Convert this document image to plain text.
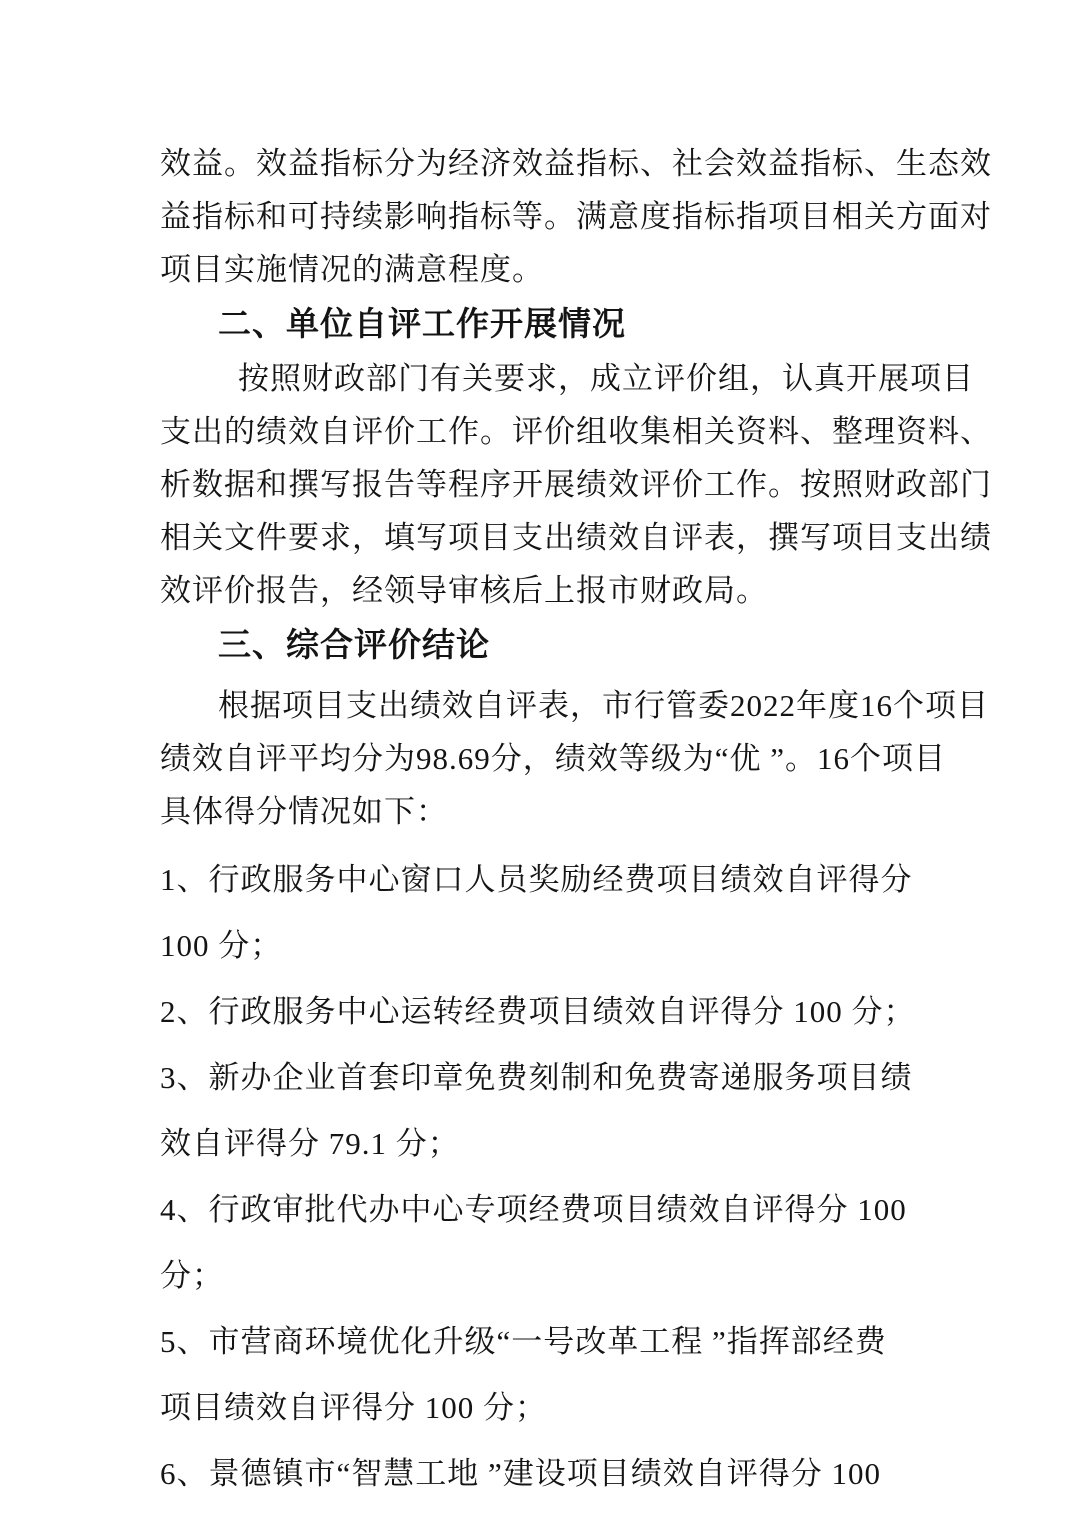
效益。效益指标分为经济效益指标、社会效益指标、生态效
益指标和可持续影响指标等。满意度指标指项目相关方面对
项目实施情况的满意程度。
二、单位自评工作开展情况
按照财政部门有关要求，成立评价组，认真开展项目
支出的绩效自评价工作。评价组收集相关资料、整理资料、
析数据和撰写报告等程序开展绩效评价工作。按照财政部门
相关文件要求，填写项目支出绩效自评表，撰写项目支出绩
效评价报告，经领导审核后上报市财政局。
三、综合评价结论
根据项目支出绩效自评表，市行管委2022年度16个项目
绩效自评平均分为98.69分，绩效等级为“优 ”。16个项目
具体得分情况如下：
1、行政服务中心窗口人员奖励经费项目绩效自评得分
100 分；
2、行政服务中心运转经费项目绩效自评得分 100 分；
3、新办企业首套印章免费刻制和免费寄递服务项目绩
效自评得分 79.1 分；
4、行政审批代办中心专项经费项目绩效自评得分 100
分；
5、市营商环境优化升级“一号改革工程 ”指挥部经费
项目绩效自评得分 100 分；
6、景德镇市“智慧工地 ”建设项目绩效自评得分 100
